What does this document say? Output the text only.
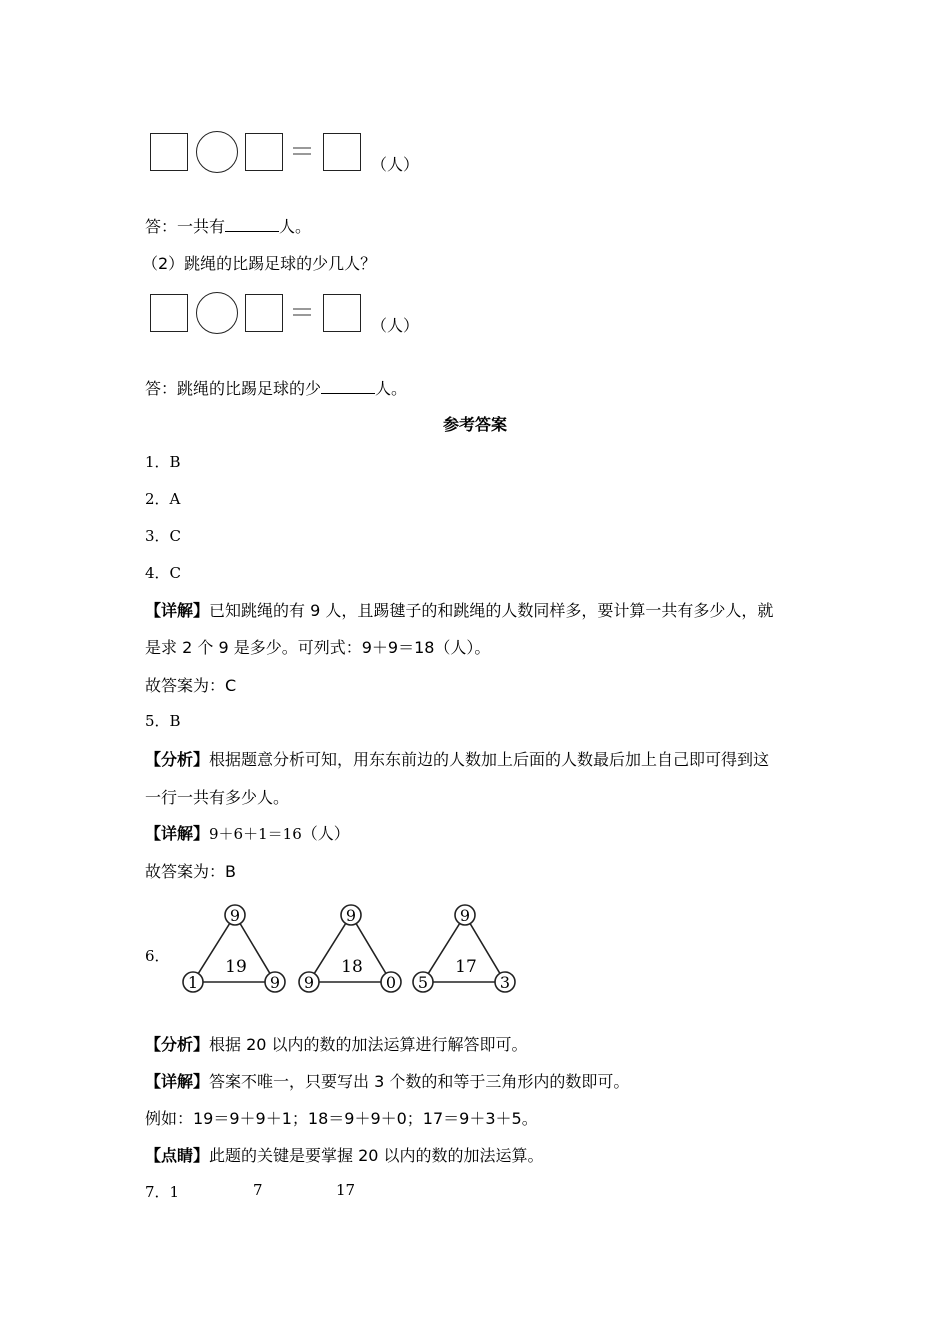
（人）
答：一共有	人。
（2）跳绳的比踢足球的少几人？
（人）
答：跳绳的比踢足球的少	人。
参考答案
1．B
2．A
3．C
4．C
【详解】已知跳绳的有 9 人，且踢毽子的和跳绳的人数同样多，要计算一共有多少人，就
是求 2 个 9 是多少。可列式：9＋9＝18（人）。
故答案为：C
5．B
【分析】根据题意分析可知，用东东前边的人数加上后面的人数最后加上自己即可得到这
一行一共有多少人。
【详解】9＋6＋1＝16（人）
故答案为：B
6．
9
1	9
19
9
9	0
18
9
5	3
17
【分析】根据 20 以内的数的加法运算进行解答即可。
【详解】答案不唯一，只要写出 3 个数的和等于三角形内的数即可。
例如：19＝9＋9＋1；18＝9＋9＋0；17＝9＋3＋5。
【点睛】此题的关键是要掌握 20 以内的数的加法运算。
7．1	7	17
